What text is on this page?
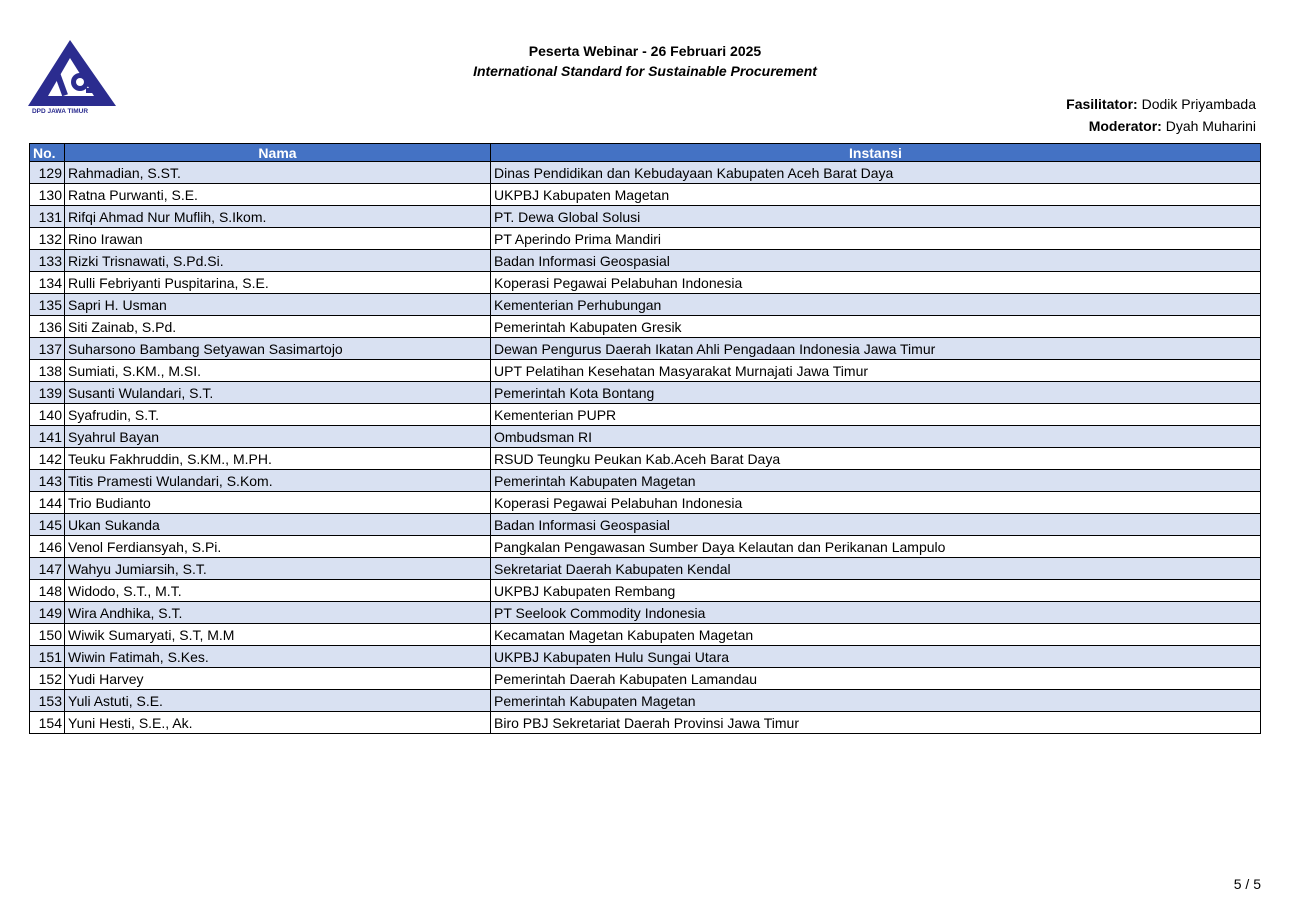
DPD JAWA TIMUR
Peserta Webinar - 26 Februari 2025
International Standard for Sustainable Procurement
Fasilitator: Dodik Priyambada
Moderator: Dyah Muharini
No.	Nama	Instansi
129	Rahmadian, S.ST.	Dinas Pendidikan dan Kebudayaan Kabupaten Aceh Barat Daya
130	Ratna Purwanti, S.E.	UKPBJ Kabupaten Magetan
131	Rifqi Ahmad Nur Muflih, S.Ikom.	PT. Dewa Global Solusi
132	Rino Irawan	PT Aperindo Prima Mandiri
133	Rizki Trisnawati, S.Pd.Si.	Badan Informasi Geospasial
134	Rulli Febriyanti Puspitarina, S.E.	Koperasi Pegawai Pelabuhan Indonesia
135	Sapri H. Usman	Kementerian Perhubungan
136	Siti Zainab, S.Pd.	Pemerintah Kabupaten Gresik
137	Suharsono Bambang Setyawan Sasimartojo	Dewan Pengurus Daerah Ikatan Ahli Pengadaan Indonesia Jawa Timur
138	Sumiati, S.KM., M.SI.	UPT Pelatihan Kesehatan Masyarakat Murnajati Jawa Timur
139	Susanti Wulandari, S.T.	Pemerintah Kota Bontang
140	Syafrudin, S.T.	Kementerian PUPR
141	Syahrul Bayan	Ombudsman RI
142	Teuku Fakhruddin, S.KM., M.PH.	RSUD Teungku Peukan Kab.Aceh Barat Daya
143	Titis Pramesti Wulandari, S.Kom.	Pemerintah Kabupaten Magetan
144	Trio Budianto	Koperasi Pegawai Pelabuhan Indonesia
145	Ukan Sukanda	Badan Informasi Geospasial
146	Venol Ferdiansyah, S.Pi.	Pangkalan Pengawasan Sumber Daya Kelautan dan Perikanan Lampulo
147	Wahyu Jumiarsih, S.T.	Sekretariat Daerah Kabupaten Kendal
148	Widodo, S.T., M.T.	UKPBJ Kabupaten Rembang
149	Wira Andhika, S.T.	PT Seelook Commodity Indonesia
150	Wiwik Sumaryati, S.T, M.M	Kecamatan Magetan Kabupaten Magetan
151	Wiwin Fatimah, S.Kes.	UKPBJ Kabupaten Hulu Sungai Utara
152	Yudi Harvey	Pemerintah Daerah Kabupaten Lamandau
153	Yuli Astuti, S.E.	Pemerintah Kabupaten Magetan
154	Yuni Hesti, S.E., Ak.	Biro PBJ Sekretariat Daerah Provinsi Jawa Timur
5 / 5
